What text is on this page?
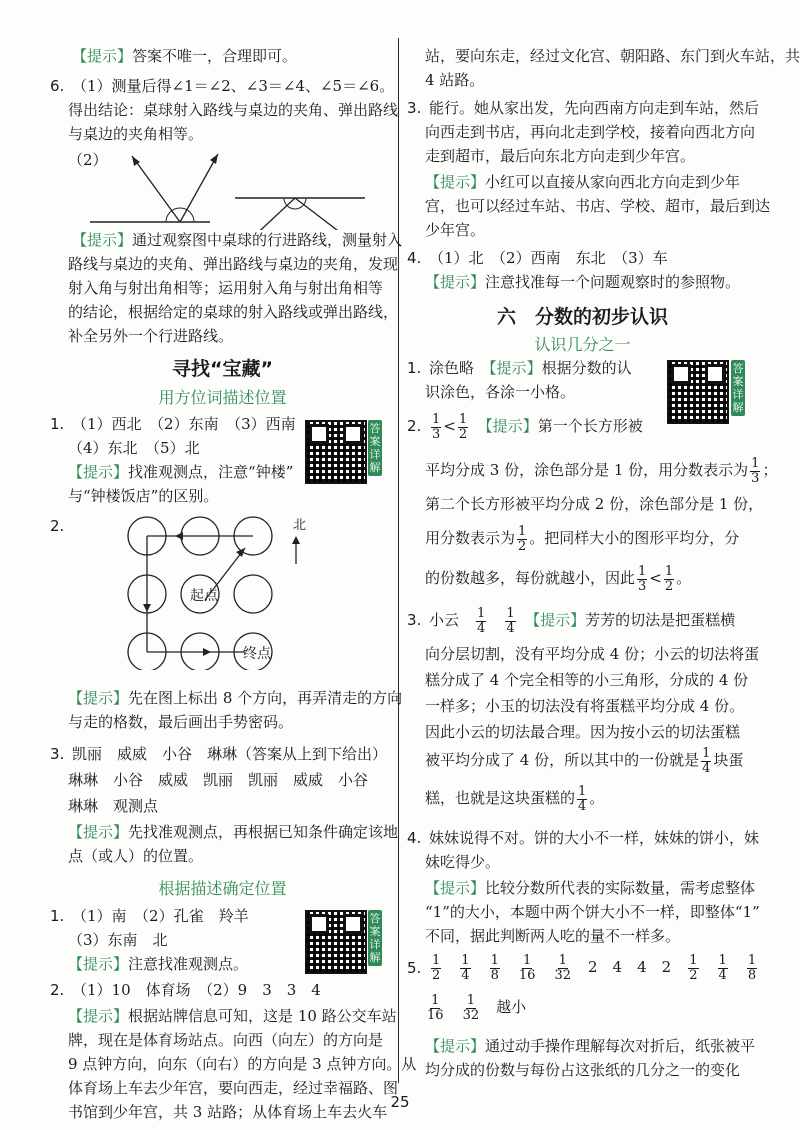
【提示】答案不唯一，合理即可。
6. （1）测量后得∠1＝∠2、∠3＝∠4、∠5＝∠6。
得出结论：桌球射入路线与桌边的夹角、弹出路线
与桌边的夹角相等。
（2）
【提示】通过观察图中桌球的行进路线，测量射入
路线与桌边的夹角、弹出路线与桌边的夹角，发现
射入角与射出角相等；运用射入角与射出角相等
的结论，根据给定的桌球的射入路线或弹出路线，
补全另外一个行进路线。
寻找“宝藏”
用方位词描述位置
1. （1）西北　（2）东南　（3）西南
（4）东北　（5）北
【提示】找准观测点，注意“钟楼”
与“钟楼饭店”的区别。
答案详解
2.
起点
终点
北
【提示】先在图上标出 8 个方向，再弄清走的方向
与走的格数，最后画出手势密码。
3. 凯丽　威威　小谷　琳琳（答案从上到下给出）
琳琳　小谷　威威　凯丽　凯丽　威威　小谷
琳琳　观测点
【提示】先找准观测点，再根据已知条件确定该地
点（或人）的位置。
根据描述确定位置
1. （1）南　（2）孔雀　羚羊
（3）东南　北
【提示】注意找准观测点。
答案详解
2. （1）10　体育场　（2）9　3　3　4
【提示】根据站牌信息可知，这是 10 路公交车站
牌，现在是体育场站点。向西（向左）的方向是
9 点钟方向，向东（向右）的方向是 3 点钟方向。从
体育场上车去少年宫，要向西走，经过幸福路、图
书馆到少年宫，共 3 站路；从体育场上车去火车
站，要向东走，经过文化宫、朝阳路、东门到火车站，共
4 站路。
3. 能行。她从家出发，先向西南方向走到车站，然后
向西走到书店，再向北走到学校，接着向西北方向
走到超市，最后向东北方向走到少年宫。
【提示】小红可以直接从家向西北方向走到少年
宫，也可以经过车站、书店、学校、超市，最后到达
少年宫。
4. （1）北　（2）西南　东北　（3）车
【提示】注意找准每一个问题观察时的参照物。
六　分数的初步认识
认识几分之一
答案详解
1. 涂色略　 【提示】根据分数的认
识涂色，各涂一小格。
2. $\frac{1}{3} < \frac{1}{2}$
　 【提示】第一个长方形被
平均分成 3 份，涂色部分是 1 份，用分数表示为 $\frac{1}{3}$ ；
第二个长方形被平均分成 2 份，涂色部分是 1 份，
用分数表示为 $\frac{1}{2}$ 。把同样大小的图形平均分，分
的份数越多，每份就越小，因此 $\frac{1}{3} < \frac{1}{2}$ 。
3. 小云　 $\frac{1}{4}$
　 $\frac{1}{4}$
　 【提示】芳芳的切法是把蛋糕横
向分层切割，没有平均分成 4 份；小云的切法将蛋
糕分成了 4 个完全相等的小三角形，分成的 4 份
一样多；小玉的切法没有将蛋糕平均分成 4 份。
因此小云的切法最合理。因为按小云的切法蛋糕
被平均分成了 4 份，所以其中的一份就是 $\frac{1}{4}$ 块蛋
糕，也就是这块蛋糕的 $\frac{1}{4}$ 。
4. 妹妹说得不对。饼的大小不一样，妹妹的饼小，妹
妹吃得少。
【提示】比较分数所代表的实际数量，需考虑整体
“1”的大小，本题中两个饼大小不一样，即整体“1”
不同，据此判断两人吃的量不一样多。
5. $\frac{1}{2}$
　 $\frac{1}{4}$
　 $\frac{1}{8}$
　 $\frac{1}{16}$
　 $\frac{1}{32}$
　 2　4　4　2　 $\frac{1}{2}$
　 $\frac{1}{4}$
　 $\frac{1}{8}$
$\frac{1}{16}$
　 $\frac{1}{32}$
　 越小
【提示】通过动手操作理解每次对折后，纸张被平
均分成的份数与每份占这张纸的几分之一的变化
25
